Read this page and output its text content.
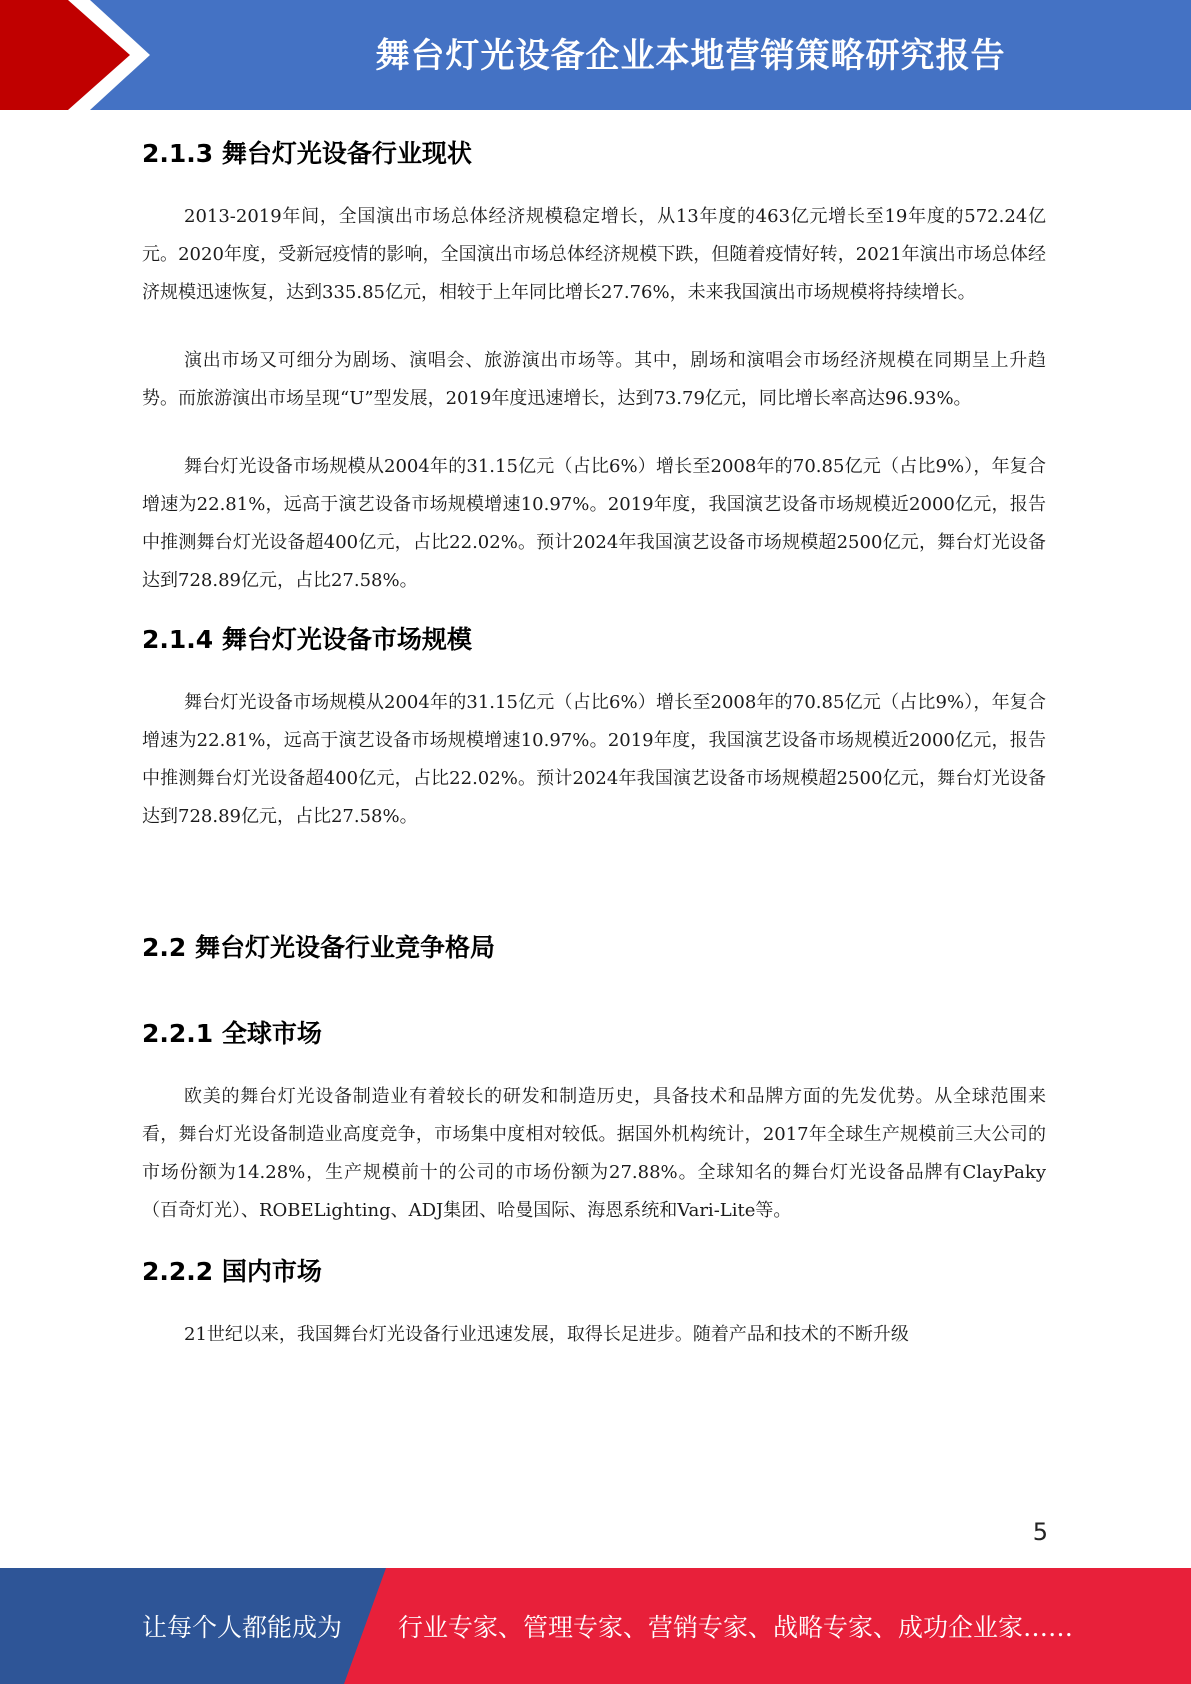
舞台灯光设备企业本地营销策略研究报告
2.1.3 舞台灯光设备行业现状

2013-2019年间，全国演出市场总体经济规模稳定增长，从13年度的463亿元增长至19年度的572.24亿元。2020年度，受新冠疫情的影响，全国演出市场总体经济规模下跌，但随着疫情好转，2021年演出市场总体经济规模迅速恢复，达到335.85亿元，相较于上年同比增长27.76%，未来我国演出市场规模将持续增长。

演出市场又可细分为剧场、演唱会、旅游演出市场等。其中，剧场和演唱会市场经济规模在同期呈上升趋势。而旅游演出市场呈现“U”型发展，2019年度迅速增长，达到73.79亿元，同比增长率高达96.93%。

舞台灯光设备市场规模从2004年的31.15亿元（占比6%）增长至2008年的70.85亿元（占比9%），年复合增速为22.81%，远高于演艺设备市场规模增速10.97%。2019年度，我国演艺设备市场规模近2000亿元，报告中推测舞台灯光设备超400亿元，占比22.02%。预计2024年我国演艺设备市场规模超2500亿元，舞台灯光设备达到728.89亿元，占比27.58%。

2.1.4 舞台灯光设备市场规模

舞台灯光设备市场规模从2004年的31.15亿元（占比6%）增长至2008年的70.85亿元（占比9%），年复合增速为22.81%，远高于演艺设备市场规模增速10.97%。2019年度，我国演艺设备市场规模近2000亿元，报告中推测舞台灯光设备超400亿元，占比22.02%。预计2024年我国演艺设备市场规模超2500亿元，舞台灯光设备达到728.89亿元，占比27.58%。

2.2 舞台灯光设备行业竞争格局
2.2.1 全球市场

欧美的舞台灯光设备制造业有着较长的研发和制造历史，具备技术和品牌方面的先发优势。从全球范围来看，舞台灯光设备制造业高度竞争，市场集中度相对较低。据国外机构统计，2017年全球生产规模前三大公司的市场份额为14.28%，生产规模前十的公司的市场份额为27.88%。全球知名的舞台灯光设备品牌有ClayPaky（百奇灯光）、ROBELighting、ADJ集团、哈曼国际、海恩系统和Vari-Lite等。

2.2.2 国内市场

21世纪以来，我国舞台灯光设备行业迅速发展，取得长足进步。随着产品和技术的不断升级

5
让每个人都能成为 行业专家、管理专家、营销专家、战略专家、成功企业家……
